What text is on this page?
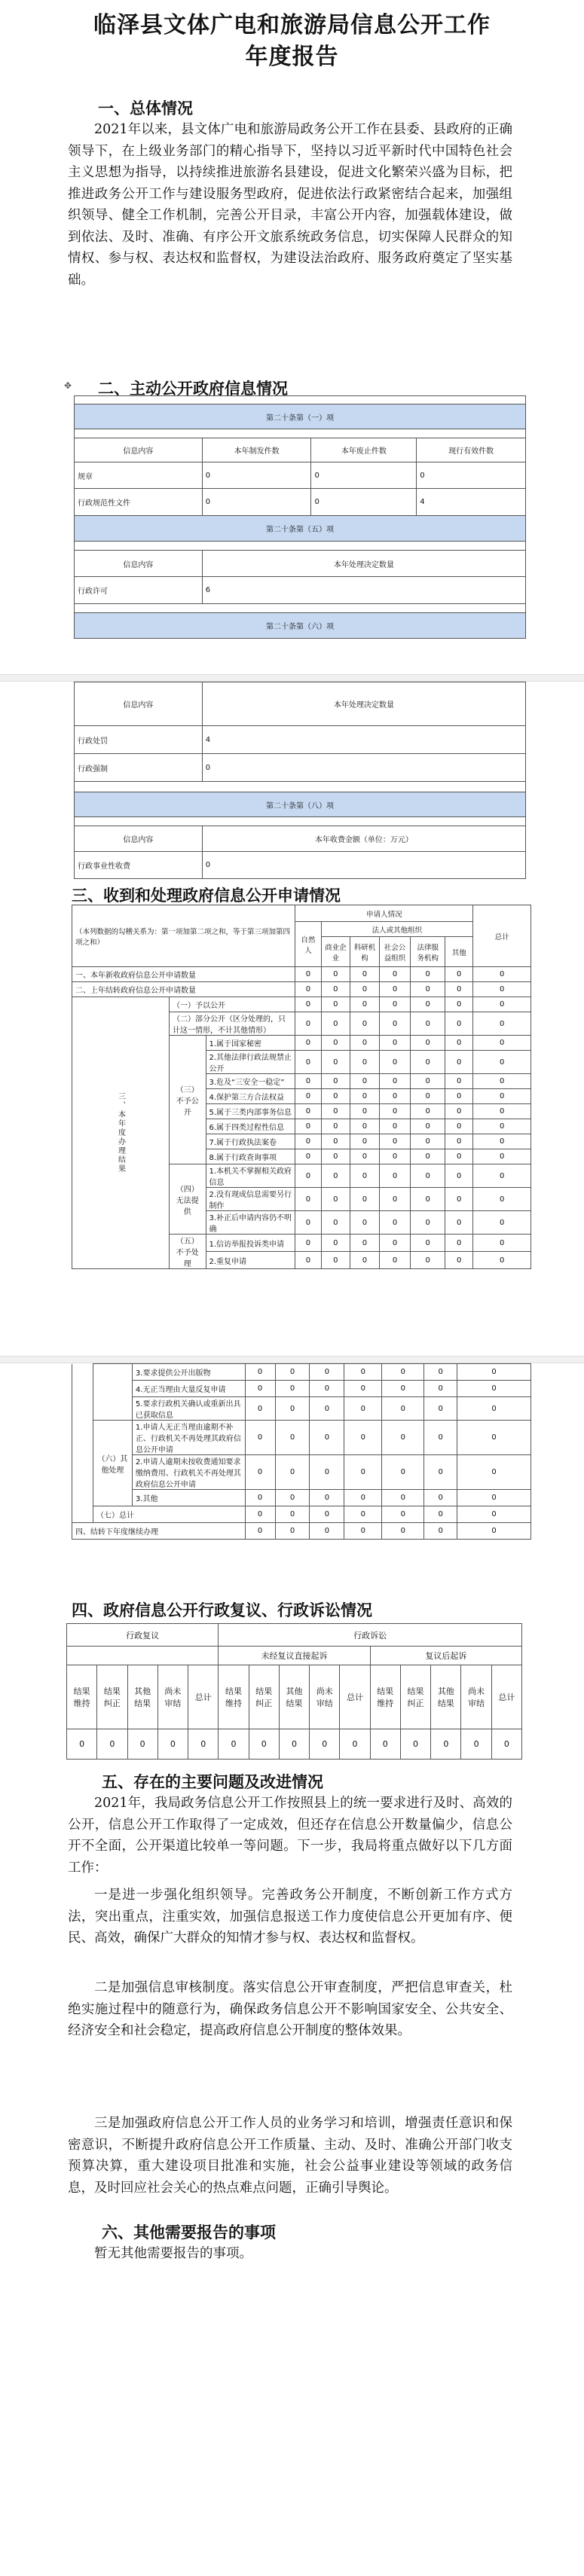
临泽县文体广电和旅游局信息公开工作
年度报告
一、总体情况

2021年以来，县文体广电和旅游局政务公开工作在县委、县政府的正确领导下，在上级业务部门的精心指导下，坚持以习近平新时代中国特色社会主义思想为指导，以持续推进旅游名县建设，促进文化繁荣兴盛为目标，把推进政务公开工作与建设服务型政府，促进依法行政紧密结合起来，加强组织领导、健全工作机制，完善公开目录，丰富公开内容，加强载体建设，做到依法、及时、准确、有序公开文旅系统政务信息，切实保障人民群众的知情权、参与权、表达权和监督权，为建设法治政府、服务政府奠定了坚实基础。

✥ 二、主动公开政府信息情况

第二十条第（一）项			

信息内容	本年制发件数	本年废止件数	现行有效件数
规章	0	0	0
行政规范性文件	0	0	4
第二十条第（五）项			

信息内容	本年处理决定数量		
行政许可	6		

第二十条第（六）项			
信息内容	本年处理决定数量
行政处罚	4
行政强制	0

第二十条第（八）项	

信息内容	本年收费金额（单位：万元）
行政事业性收费	0
三、收到和处理政府信息公开申请情况
（本列数据的勾稽关系为：第一项加第二项之和，等于第三项加第四项之和）			申请人情况						总计
			自然人	法人或其他组织					
				商业企业	科研机构	社会公益组织	法律服务机构	其他	
一、本年新收政府信息公开申请数量			0	0	0	0	0	0	0
二、上年结转政府信息公开申请数量			0	0	0	0	0	0	0
三、本年度办理结果	（一）予以公开		0	0	0	0	0	0	0
	（二）部分公开（区分处理的，只计这一情形，不计其他情形）		0	0	0	0	0	0	0
	（三）不予公开	1.属于国家秘密	0	0	0	0	0	0	0
		2.其他法律行政法规禁止公开	0	0	0	0	0	0	0
		3.危及“三安全一稳定”	0	0	0	0	0	0	0
		4.保护第三方合法权益	0	0	0	0	0	0	0
		5.属于三类内部事务信息	0	0	0	0	0	0	0
		6.属于四类过程性信息	0	0	0	0	0	0	0
		7.属于行政执法案卷	0	0	0	0	0	0	0
		8.属于行政查询事项	0	0	0	0	0	0	0
	（四）无法提供	1.本机关不掌握相关政府信息	0	0	0	0	0	0	0
		2.没有现成信息需要另行制作	0	0	0	0	0	0	0
		3.补正后申请内容仍不明确	0	0	0	0	0	0	0
	（五）不予处理	1.信访举报投诉类申请	0	0	0	0	0	0	0
		2.重复申请	0	0	0	0	0	0	0
		3.要求提供公开出版物	0	0	0	0	0	0	0
		4.无正当理由大量反复申请	0	0	0	0	0	0	0
		5.要求行政机关确认或重新出具已获取信息	0	0	0	0	0	0	0
	（六）其他处理	1.申请人无正当理由逾期不补正、行政机关不再处理其政府信息公开申请	0	0	0	0	0	0	0
		2.申请人逾期未按收费通知要求缴纳费用、行政机关不再处理其政府信息公开申请	0	0	0	0	0	0	0
		3.其他	0	0	0	0	0	0	0
	（七）总计		0	0	0	0	0	0	0
四、结转下年度继续办理			0	0	0	0	0	0	0
四、政府信息公开行政复议、行政诉讼情况
行政复议					行政诉讼									
					未经复议直接起诉					复议后起诉				
结果维持	结果纠正	其他结果	尚未审结	总计	结果维持	结果纠正	其他结果	尚未审结	总计	结果维持	结果纠正	其他结果	尚未审结	总计
0	0	0	0	0	0	0	0	0	0	0	0	0	0	0
五、存在的主要问题及改进情况

2021年，我局政务信息公开工作按照县上的统一要求进行及时、高效的公开，信息公开工作取得了一定成效，但还存在信息公开数量偏少，信息公开不全面，公开渠道比较单一等问题。下一步，我局将重点做好以下几方面工作：

一是进一步强化组织领导。完善政务公开制度，不断创新工作方式方法，突出重点，注重实效，加强信息报送工作力度使信息公开更加有序、便民、高效，确保广大群众的知情才参与权、表达权和监督权。

二是加强信息审核制度。落实信息公开审查制度，严把信息审查关，杜绝实施过程中的随意行为，确保政务信息公开不影响国家安全、公共安全、经济安全和社会稳定，提高政府信息公开制度的整体效果。

三是加强政府信息公开工作人员的业务学习和培训，增强责任意识和保密意识，不断提升政府信息公开工作质量、主动、及时、准确公开部门收支预算决算，重大建设项目批准和实施，社会公益事业建设等领域的政务信息，及时回应社会关心的热点难点问题，正确引导舆论。

六、其他需要报告的事项

暂无其他需要报告的事项。
